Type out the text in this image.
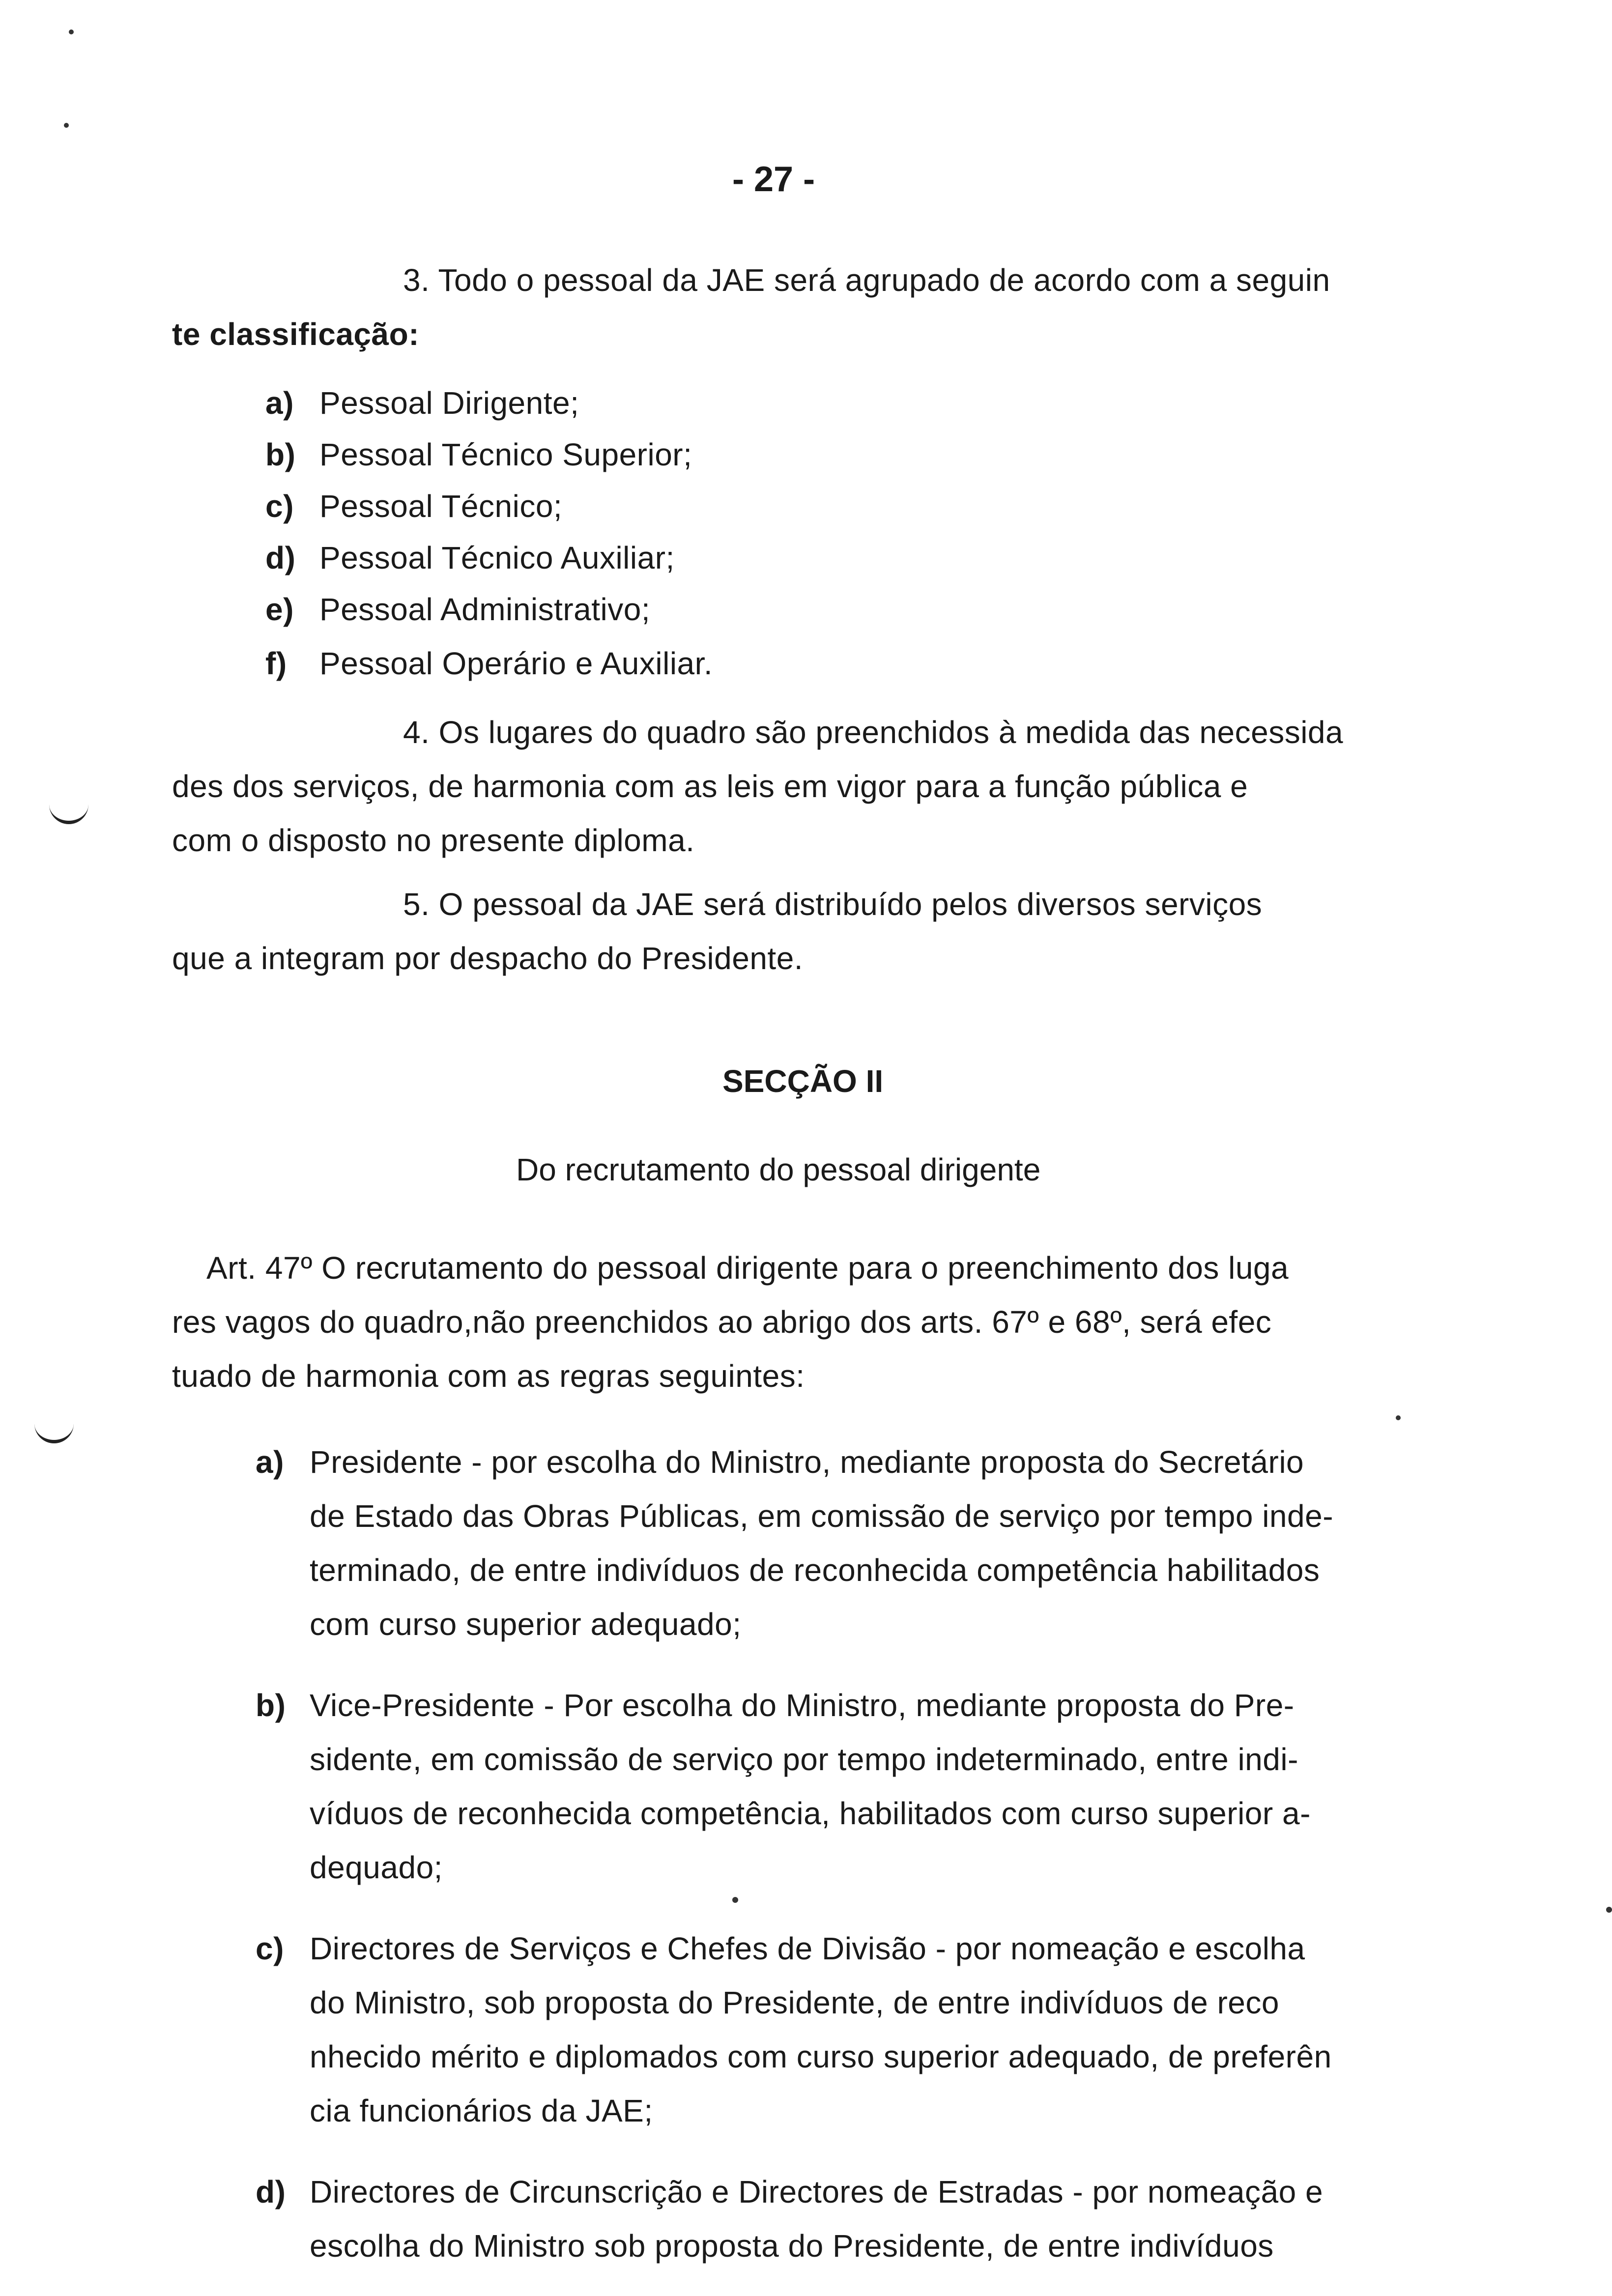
- 27 -
3. Todo o pessoal da JAE será agrupado de acordo com a seguin
te classificação:
a) Pessoal Dirigente;
b) Pessoal Técnico Superior;
c) Pessoal Técnico;
d) Pessoal Técnico Auxiliar;
e) Pessoal Administrativo;
f) Pessoal Operário e Auxiliar.
4. Os lugares do quadro são preenchidos à medida das necessida
des dos serviços, de harmonia com as leis em vigor para a função pública e
com o disposto no presente diploma.
5. O pessoal da JAE será distribuído pelos diversos serviços
que a integram por despacho do Presidente.
SECÇÃO II
Do recrutamento do pessoal dirigente
Art. 47º O recrutamento do pessoal dirigente para o preenchimento dos luga
res vagos do quadro,não preenchidos ao abrigo dos arts. 67º e 68º, será efec
tuado de harmonia com as regras seguintes:
a) Presidente - por escolha do Ministro, mediante proposta do Secretário
de Estado das Obras Públicas, em comissão de serviço por tempo inde-
terminado, de entre indivíduos de reconhecida competência habilitados
com curso superior adequado;
b) Vice-Presidente - Por escolha do Ministro, mediante proposta do Pre-
sidente, em comissão de serviço por tempo indeterminado, entre indi-
víduos de reconhecida competência, habilitados com curso superior a-
dequado;
c) Directores de Serviços e Chefes de Divisão - por nomeação e escolha
do Ministro, sob proposta do Presidente, de entre indivíduos de reco
nhecido mérito e diplomados com curso superior adequado, de preferên
cia funcionários da JAE;
d) Directores de Circunscrição e Directores de Estradas - por nomeação e
escolha do Ministro sob proposta do Presidente, de entre indivíduos
